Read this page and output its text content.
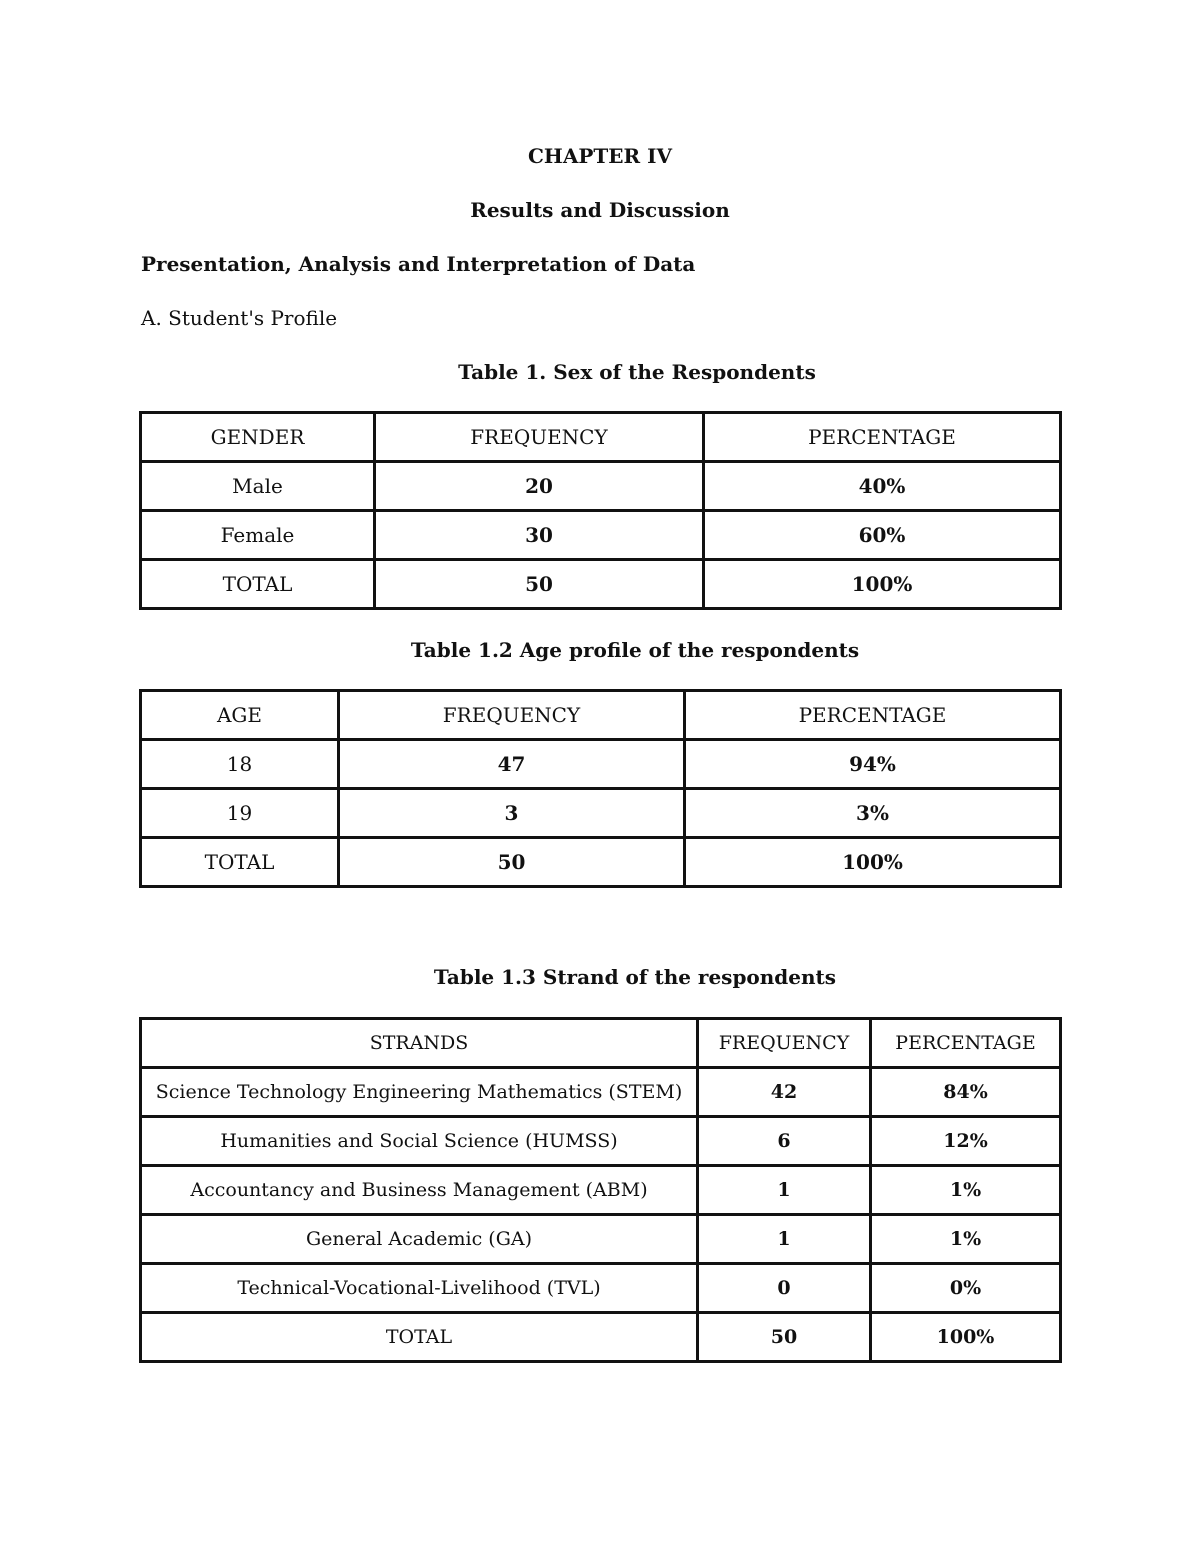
CHAPTER IV
Results and Discussion
Presentation, Analysis and Interpretation of Data
A. Student's Profile
Table 1. Sex of the Respondents
GENDER	FREQUENCY	PERCENTAGE
Male	20	40%
Female	30	60%
TOTAL	50	100%
Table 1.2 Age profile of the respondents
AGE	FREQUENCY	PERCENTAGE
18	47	94%
19	3	3%
TOTAL	50	100%
Table 1.3 Strand of the respondents
STRANDS	FREQUENCY	PERCENTAGE
Science Technology Engineering Mathematics (STEM)	42	84%
Humanities and Social Science (HUMSS)	6	12%
Accountancy and Business Management (ABM)	1	1%
General Academic (GA)	1	1%
Technical-Vocational-Livelihood (TVL)	0	0%
TOTAL	50	100%
